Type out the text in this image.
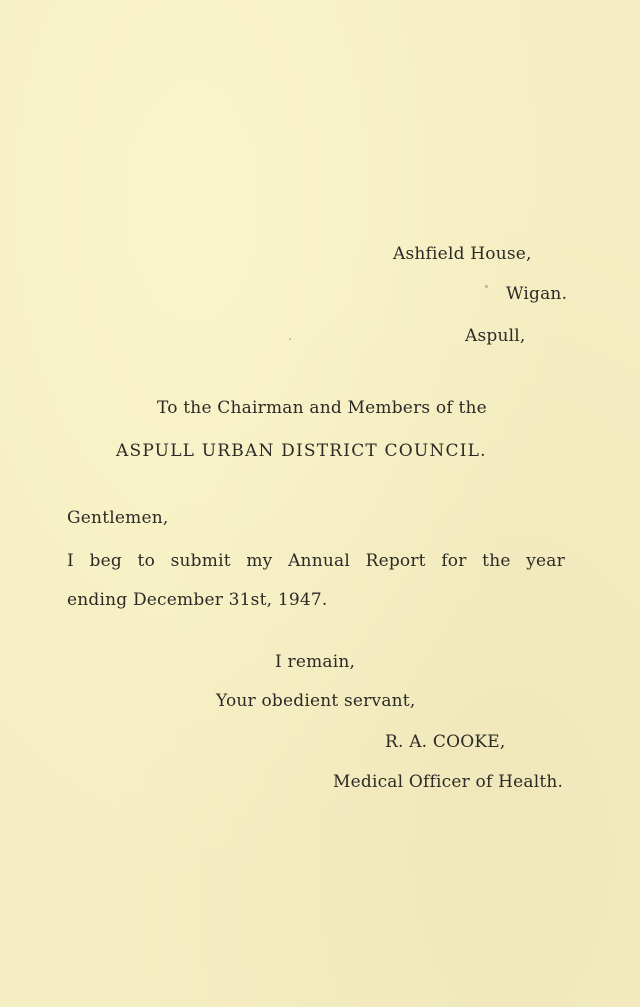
Ashfield House,
Wigan.
Aspull,
To the Chairman and Members of the
ASPULL URBAN DISTRICT COUNCIL.
Gentlemen,
I beg to submit my Annual Report for the year
ending December 31st, 1947.
I remain,
Your obedient servant,
R. A. COOKE,
Medical Officer of Health.
